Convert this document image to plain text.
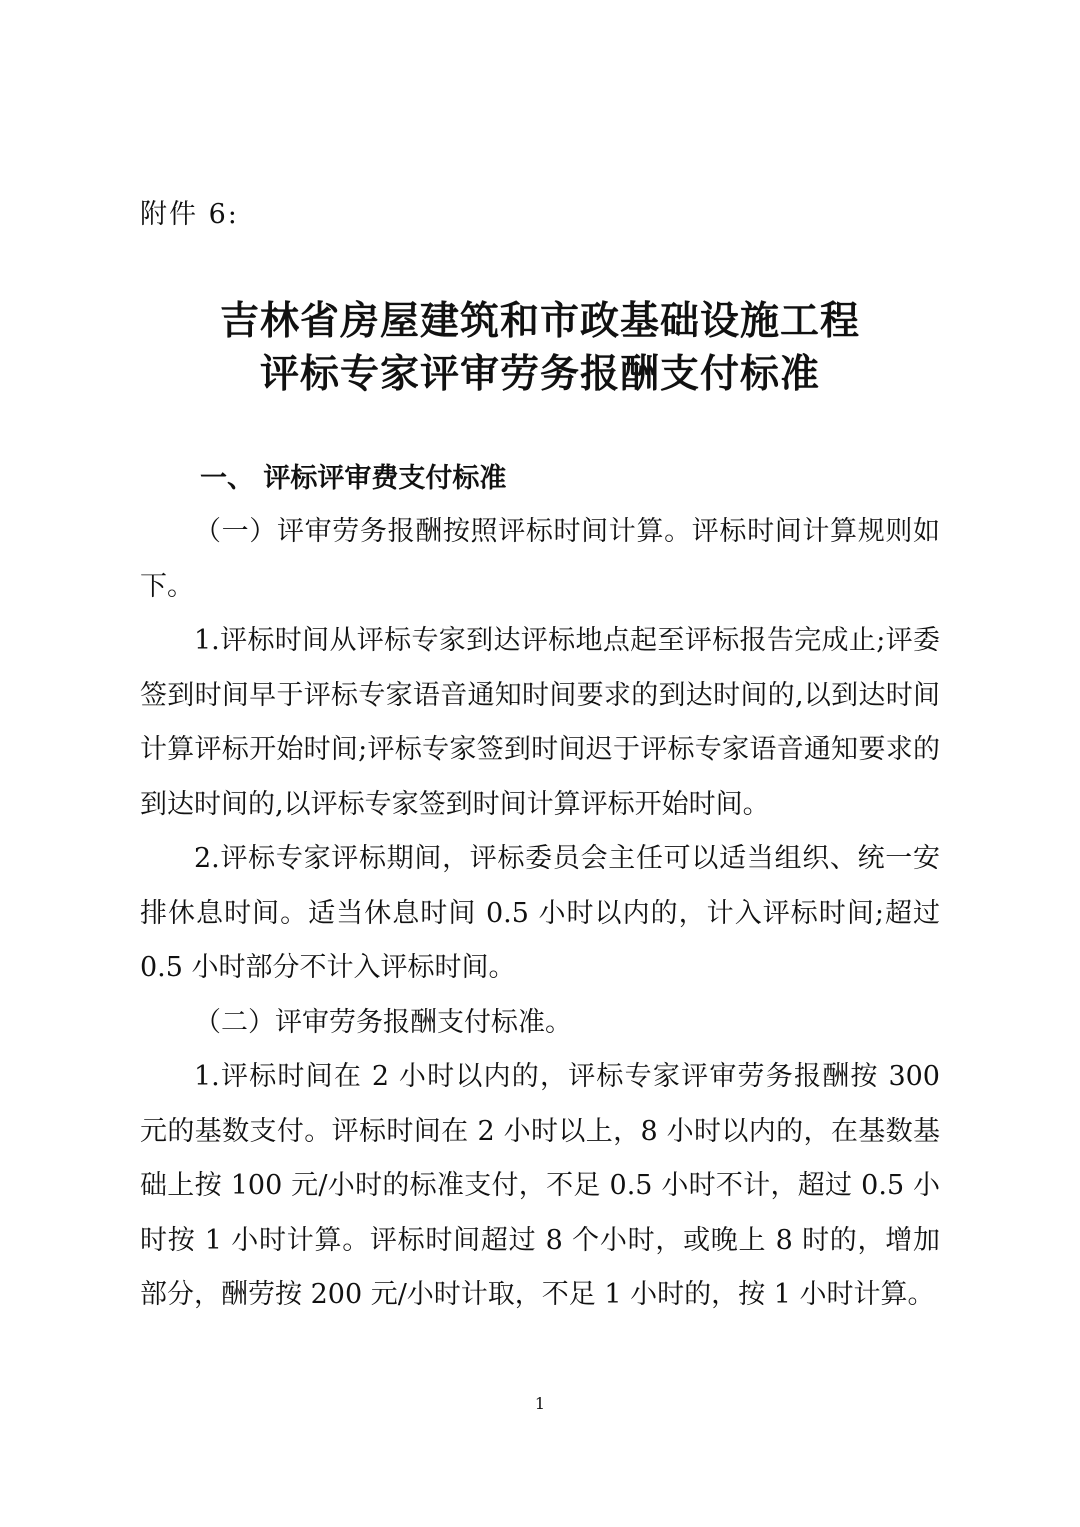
附件 6:
吉林省房屋建筑和市政基础设施工程
评标专家评审劳务报酬支付标准
一、 评标评审费支付标准

（一）评审劳务报酬按照评标时间计算。评标时间计算规则如下。

1.评标时间从评标专家到达评标地点起至评标报告完成止;评委签到时间早于评标专家语音通知时间要求的到达时间的,以到达时间计算评标开始时间;评标专家签到时间迟于评标专家语音通知要求的到达时间的,以评标专家签到时间计算评标开始时间。

2.评标专家评标期间，评标委员会主任可以适当组织、统一安排休息时间。适当休息时间 0.5 小时以内的，计入评标时间;超过 0.5 小时部分不计入评标时间。

（二）评审劳务报酬支付标准。

1.评标时间在 2 小时以内的，评标专家评审劳务报酬按 300 元的基数支付。评标时间在 2 小时以上，8 小时以内的，在基数基础上按 100 元/小时的标准支付，不足 0.5 小时不计，超过 0.5 小时按 1 小时计算。评标时间超过 8 个小时，或晚上 8 时的，增加部分，酬劳按 200 元/小时计取，不足 1 小时的，按 1 小时计算。

1
